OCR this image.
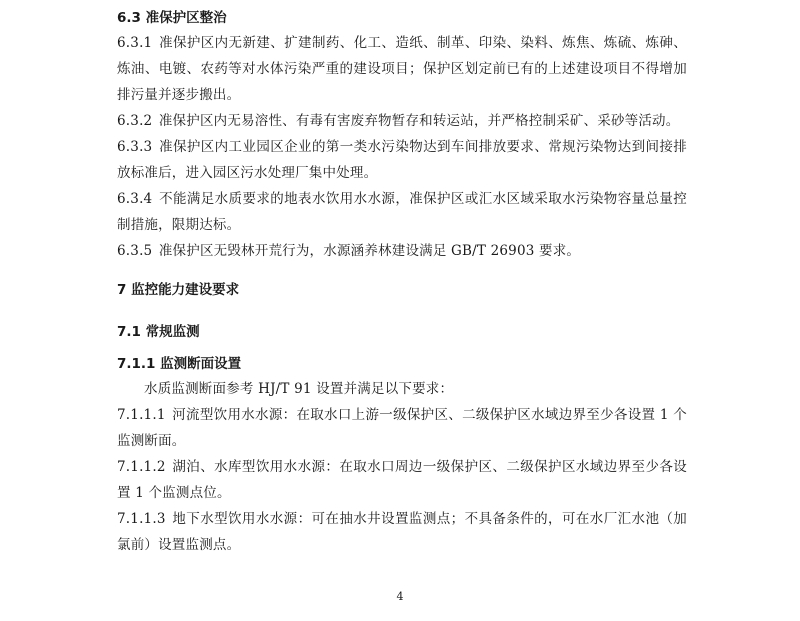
6.3 准保护区整治

6.3.1 准保护区内无新建、扩建制药、化工、造纸、制革、印染、染料、炼焦、炼硫、炼砷、炼油、电镀、农药等对水体污染严重的建设项目；保护区划定前已有的上述建设项目不得增加排污量并逐步搬出。

6.3.2 准保护区内无易溶性、有毒有害废弃物暂存和转运站，并严格控制采矿、采砂等活动。

6.3.3 准保护区内工业园区企业的第一类水污染物达到车间排放要求、常规污染物达到间接排放标准后，进入园区污水处理厂集中处理。

6.3.4 不能满足水质要求的地表水饮用水水源，准保护区或汇水区域采取水污染物容量总量控制措施，限期达标。

6.3.5 准保护区无毁林开荒行为，水源涵养林建设满足 GB/T 26903 要求。

7 监控能力建设要求
7.1 常规监测
7.1.1 监测断面设置

水质监测断面参考 HJ/T 91 设置并满足以下要求：

7.1.1.1 河流型饮用水水源：在取水口上游一级保护区、二级保护区水域边界至少各设置 1 个监测断面。

7.1.1.2 湖泊、水库型饮用水水源：在取水口周边一级保护区、二级保护区水域边界至少各设置 1 个监测点位。

7.1.1.3 地下水型饮用水水源：可在抽水井设置监测点；不具备条件的，可在水厂汇水池（加氯前）设置监测点。

4
